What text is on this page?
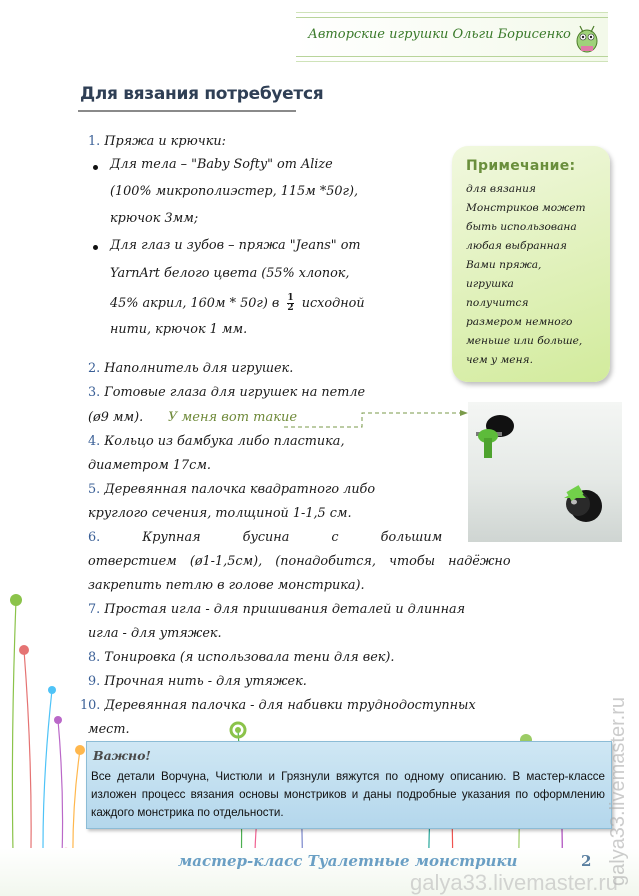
Авторские игрушки Ольги Борисенко
Для вязания потребуется
1. Пряжа и крючки:
Для тела – "Baby Softy" от Alize
(100% микрополиэстер, 115м *50г),
крючок 3мм;
Для глаз и зубов – пряжа "Jeans" от
YarnArt белого цвета (55% хлопок,
45% акрил, 160м * 50г) в $\frac{1}{2}$ исходной
нити, крючок 1 мм.
2. Наполнитель для игрушек.
3. Готовые глаза для игрушек на петле
(ø9 мм). У меня вот такие
4. Кольцо из бамбука либо пластика,
диаметром 17см.
5. Деревянная палочка квадратного либо
круглого сечения, толщиной 1-1,5 см.
6.	Крупная бусина с большим
отверстием (ø1-1,5см), (понадобится, чтобы надёжно
закрепить петлю в голове монстрика).
7. Простая игла - для пришивания деталей и длинная
игла - для утяжек.
8. Тонировка (я использовала тени для век).
9. Прочная нить - для утяжек.
10. Деревянная палочка - для набивки труднодоступных
мест.
Примечание:
для вязания
Монстриков может
быть использована
любая выбранная
Вами пряжа,
игрушка
получится
размером немного
меньше или больше,
чем у меня.
Важно!
Все детали Ворчуна, Чистюли и Грязнули вяжутся по одному описанию. В мастер-классе изложен процесс вязания основы монстриков и даны подробные указания по оформлению каждого монстрика по отдельности.
мастер-класс Туалетные монстрики	2
galya33.livemaster.ru
galya33.livemaster.ru
